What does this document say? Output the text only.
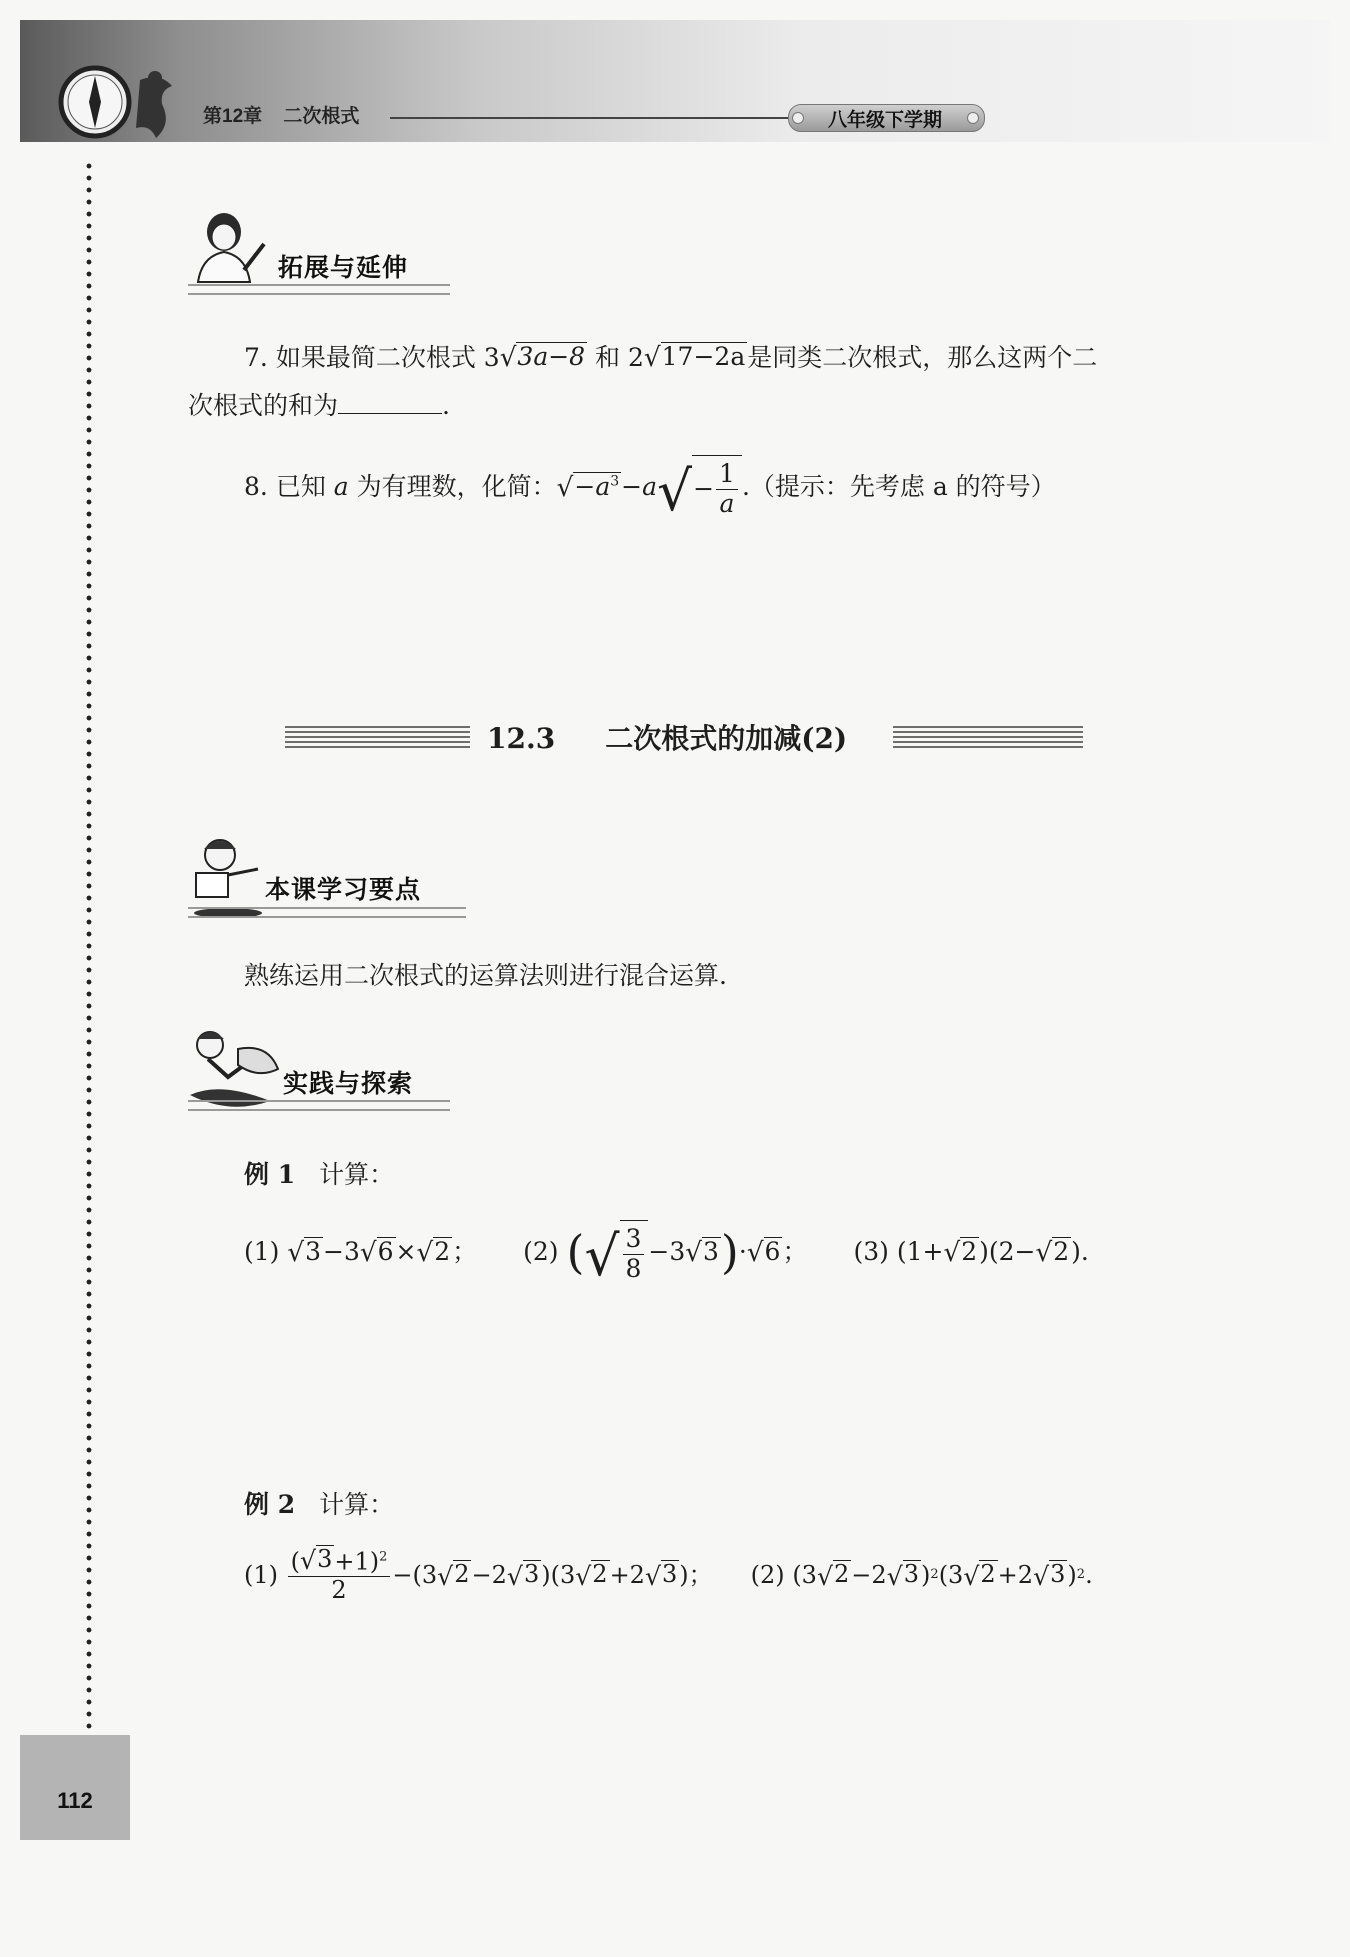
第12章 二次根式	八年级下学期
拓展与延伸
7. 如果最简二次根式 3 √ 3a−8 和 2 √ 17−2a 是同类二次根式，那么这两个二
次根式的和为	.
8.
已知
a
为有理数，化简： √ $-a^3 -a$ √ − $\frac{1}{a}$ .（提示：先考虑 a 的符号）
12.3 二次根式的加减(2)
本课学习要点
熟练运用二次根式的运算法则进行混合运算.
实践与探索
例 1 计算：
(1)
√ 3 −3 √ 6 × √ 2 ； (2)
( √ $\frac{3}{8} -3$ √ 3 ) · √ 6 ； (3)
(1+ √ 2 )(2− √ 2 ).
例 2 计算：
(1)
$\frac{( √ 3 +1)^2}{2} -(3$ √ 2 −2 √ 3 )(3 √ 2 +2 √ 3 )； (2)
(3 √ 2 −2 √ 3 ) 2 (3 √ 2 +2 √ 3 ) 2 .
112
